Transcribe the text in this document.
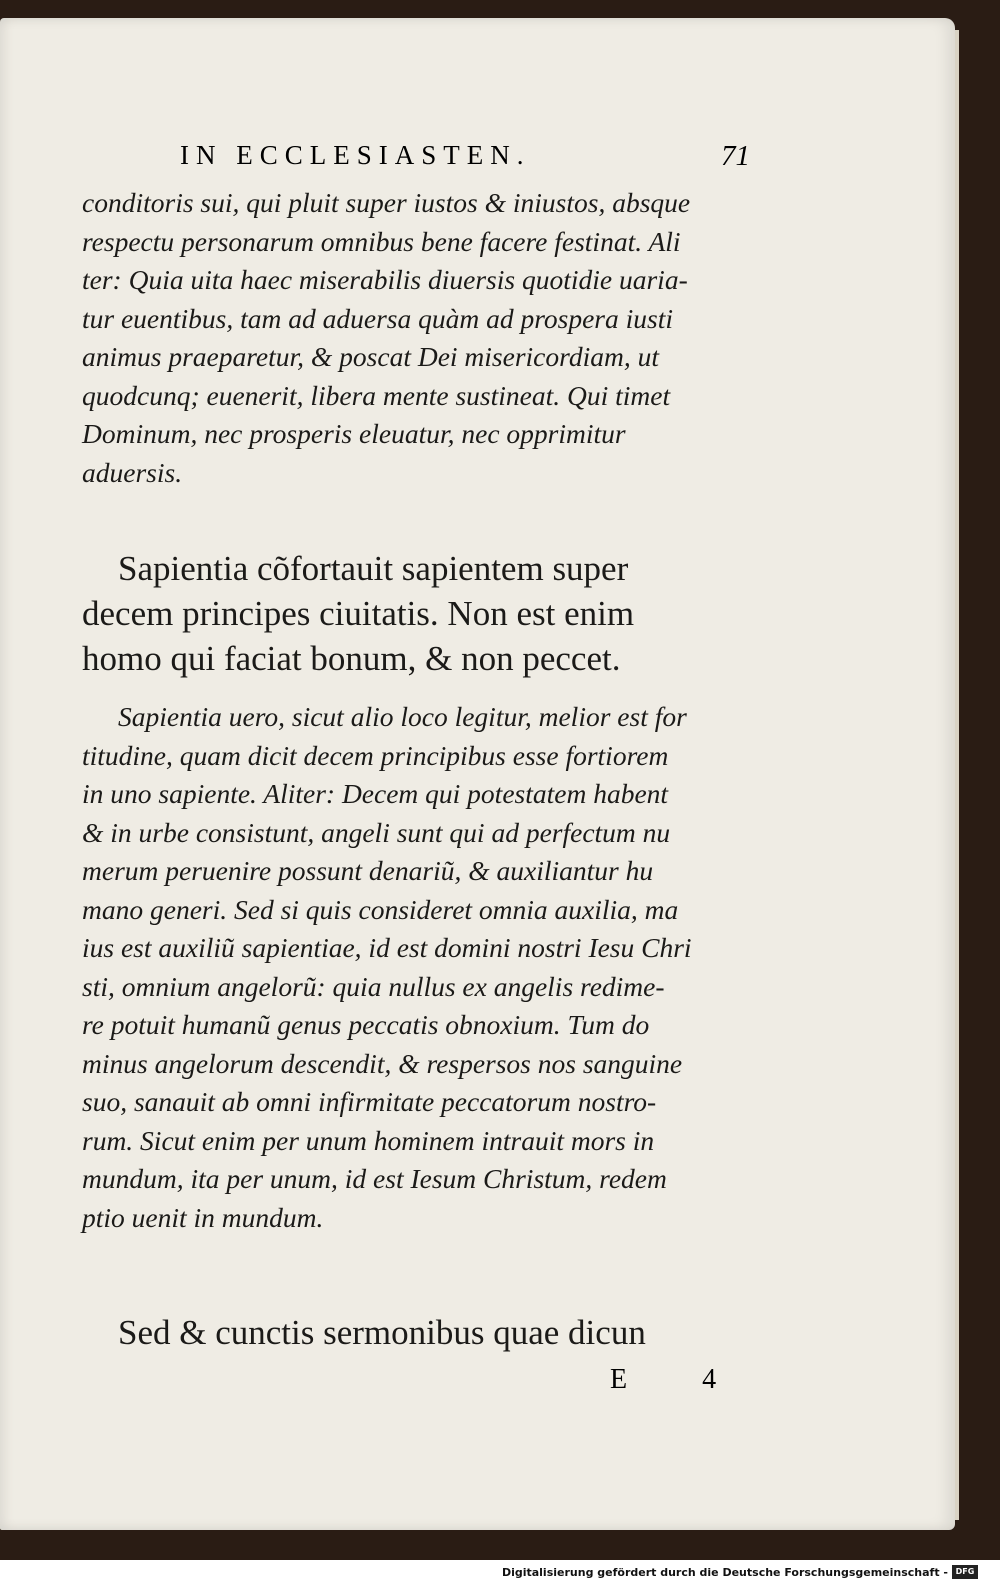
IN ECCLESIASTEN.	71
conditoris sui, qui pluit super iustos & iniustos, absque
respectu personarum omnibus bene facere festinat. Ali
ter: Quia uita haec miserabilis diuersis quotidie uaria-
tur euentibus, tam ad aduersa quàm ad prospera iusti
animus praeparetur, & poscat Dei misericordiam, ut
quodcunq; euenerit, libera mente sustineat. Qui timet
Dominum, nec prosperis eleuatur, nec opprimitur
aduersis.
Sapientia cõfortauit sapientem super
decem principes ciuitatis. Non est enim
homo qui faciat bonum, & non peccet.
Sapientia uero, sicut alio loco legitur, melior est for
titudine, quam dicit decem principibus esse fortiorem
in uno sapiente. Aliter: Decem qui potestatem habent
& in urbe consistunt, angeli sunt qui ad perfectum nu
merum peruenire possunt denariũ, & auxiliantur hu
mano generi. Sed si quis consideret omnia auxilia, ma
ius est auxiliũ sapientiae, id est domini nostri Iesu Chri
sti, omnium angelorũ: quia nullus ex angelis redime-
re potuit humanũ genus peccatis obnoxium. Tum do
minus angelorum descendit, & respersos nos sanguine
suo, sanauit ab omni infirmitate peccatorum nostro-
rum. Sicut enim per unum hominem intrauit mors in
mundum, ita per unum, id est Iesum Christum, redem
ptio uenit in mundum.
Sed & cunctis sermonibus quae dicun
E 4
Digitalisierung gefördert durch die Deutsche Forschungsgemeinschaft - DFG
